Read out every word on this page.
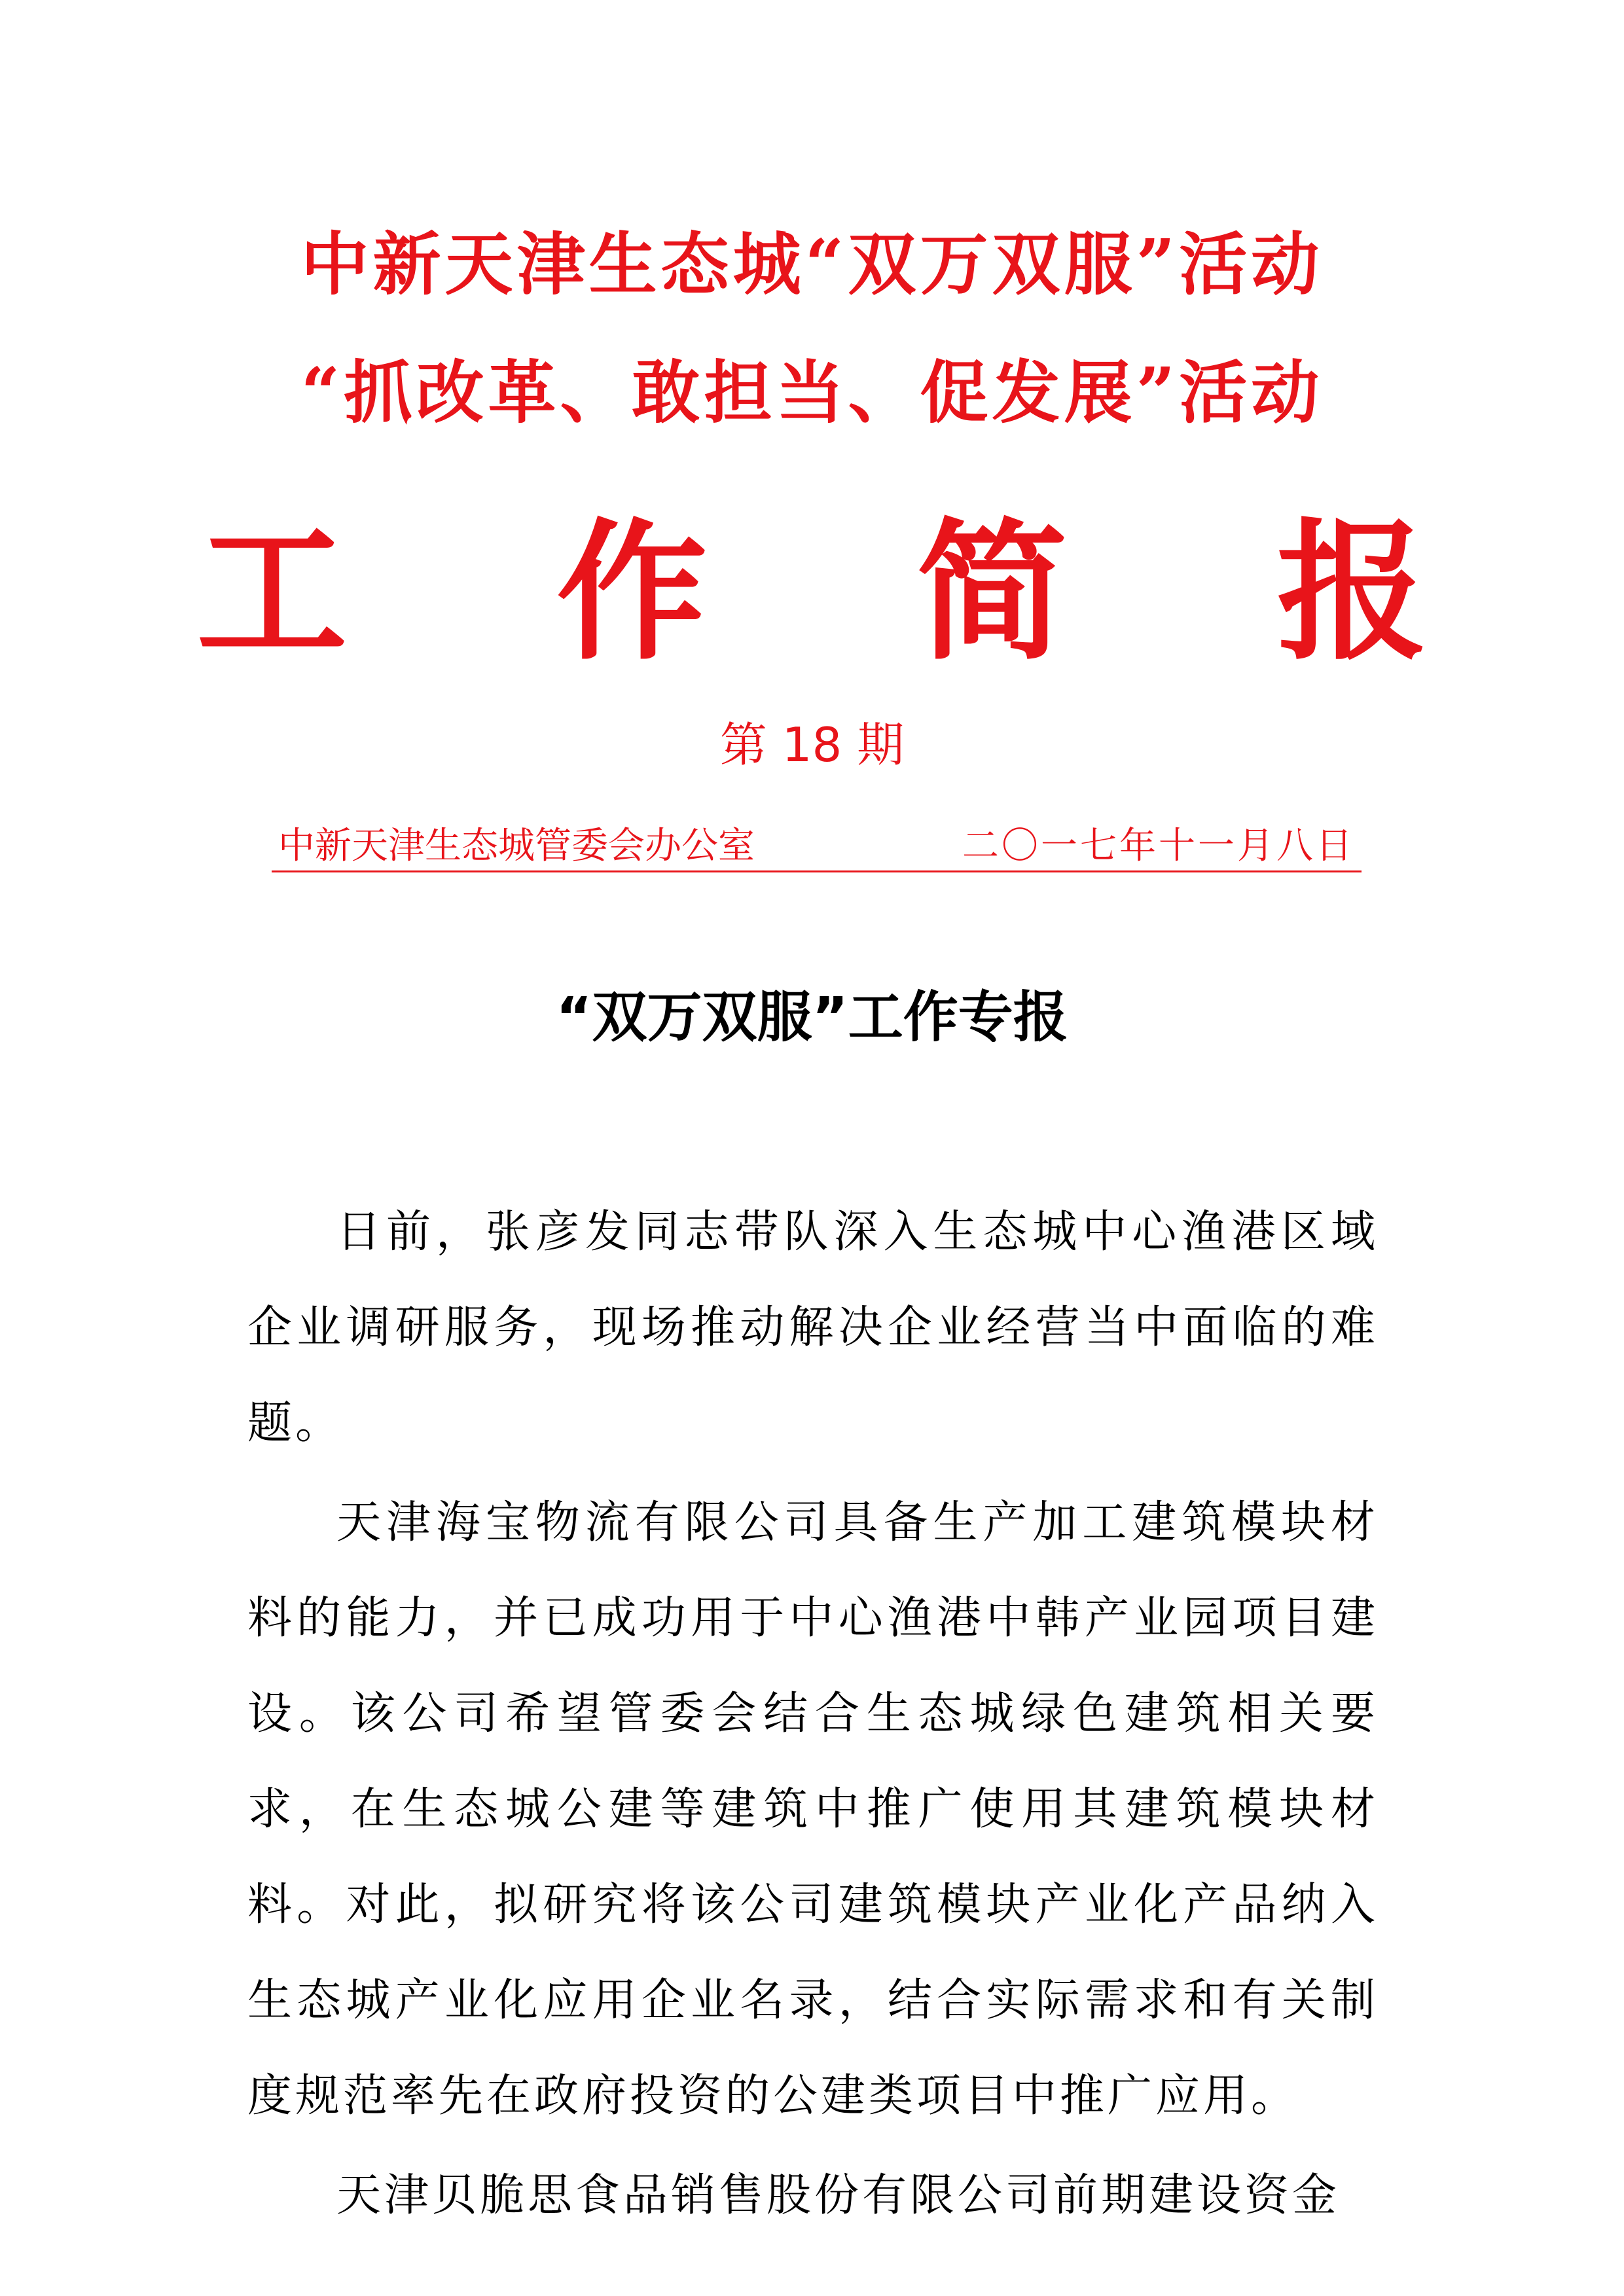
中新天津生态城“双万双服”活动
“抓改革、敢担当、促发展”活动
工 作 简 报
第 18 期
中新天津生态城管委会办公室	二〇一七年十一月八日
“双万双服”工作专报

日前，张彦发同志带队深入生态城中心渔港区域企业调研服务，现场推动解决企业经营当中面临的难题。

天津海宝物流有限公司具备生产加工建筑模块材料的能力，并已成功用于中心渔港中韩产业园项目建设。该公司希望管委会结合生态城绿色建筑相关要求，在生态城公建等建筑中推广使用其建筑模块材料。对此，拟研究将该公司建筑模块产业化产品纳入生态城产业化应用企业名录，结合实际需求和有关制度规范率先在政府投资的公建类项目中推广应用。

天津贝脆思食品销售股份有限公司前期建设资金
